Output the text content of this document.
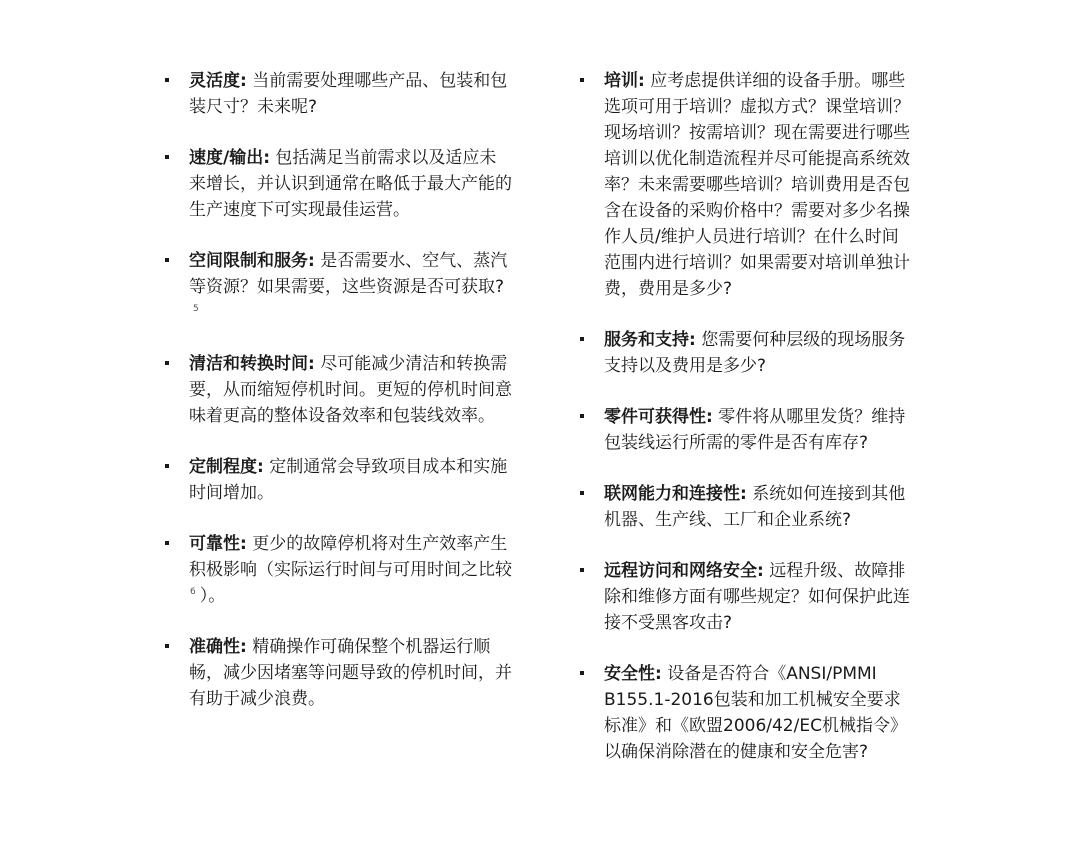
灵活度: 当前需要处理哪些产品、包装和包装尺寸？未来呢?
速度/输出: 包括满足当前需求以及适应未来增长，并认识到通常在略低于最大产能的生产速度下可实现最佳运营。
空间限制和服务: 是否需要水、空气、蒸汽等资源？如果需要，这些资源是否可获取?$^5$
清洁和转换时间: 尽可能减少清洁和转换需要，从而缩短停机时间。更短的停机时间意味着更高的整体设备效率和包装线效率。
定制程度: 定制通常会导致项目成本和实施时间增加。
可靠性: 更少的故障停机将对生产效率产生积极影响（实际运行时间与可用时间之比较$^6$ ）。
准确性: 精确操作可确保整个机器运行顺畅，减少因堵塞等问题导致的停机时间，并有助于减少浪费。
培训: 应考虑提供详细的设备手册。哪些选项可用于培训？虚拟方式？课堂培训？现场培训？按需培训？现在需要进行哪些培训以优化制造流程并尽可能提高系统效率？未来需要哪些培训？培训费用是否包含在设备的采购价格中？需要对多少名操作人员/维护人员进行培训？在什么时间范围内进行培训？如果需要对培训单独计费，费用是多少?
服务和支持: 您需要何种层级的现场服务支持以及费用是多少?
零件可获得性: 零件将从哪里发货？维持包装线运行所需的零件是否有库存?
联网能力和连接性: 系统如何连接到其他机器、生产线、工厂和企业系统?
远程访问和网络安全: 远程升级、故障排除和维修方面有哪些规定？如何保护此连接不受黑客攻击?
安全性: 设备是否符合《ANSI/PMMI B155.1-2016包装和加工机械安全要求标准》和《欧盟2006/42/EC机械指令》以确保消除潜在的健康和安全危害?
